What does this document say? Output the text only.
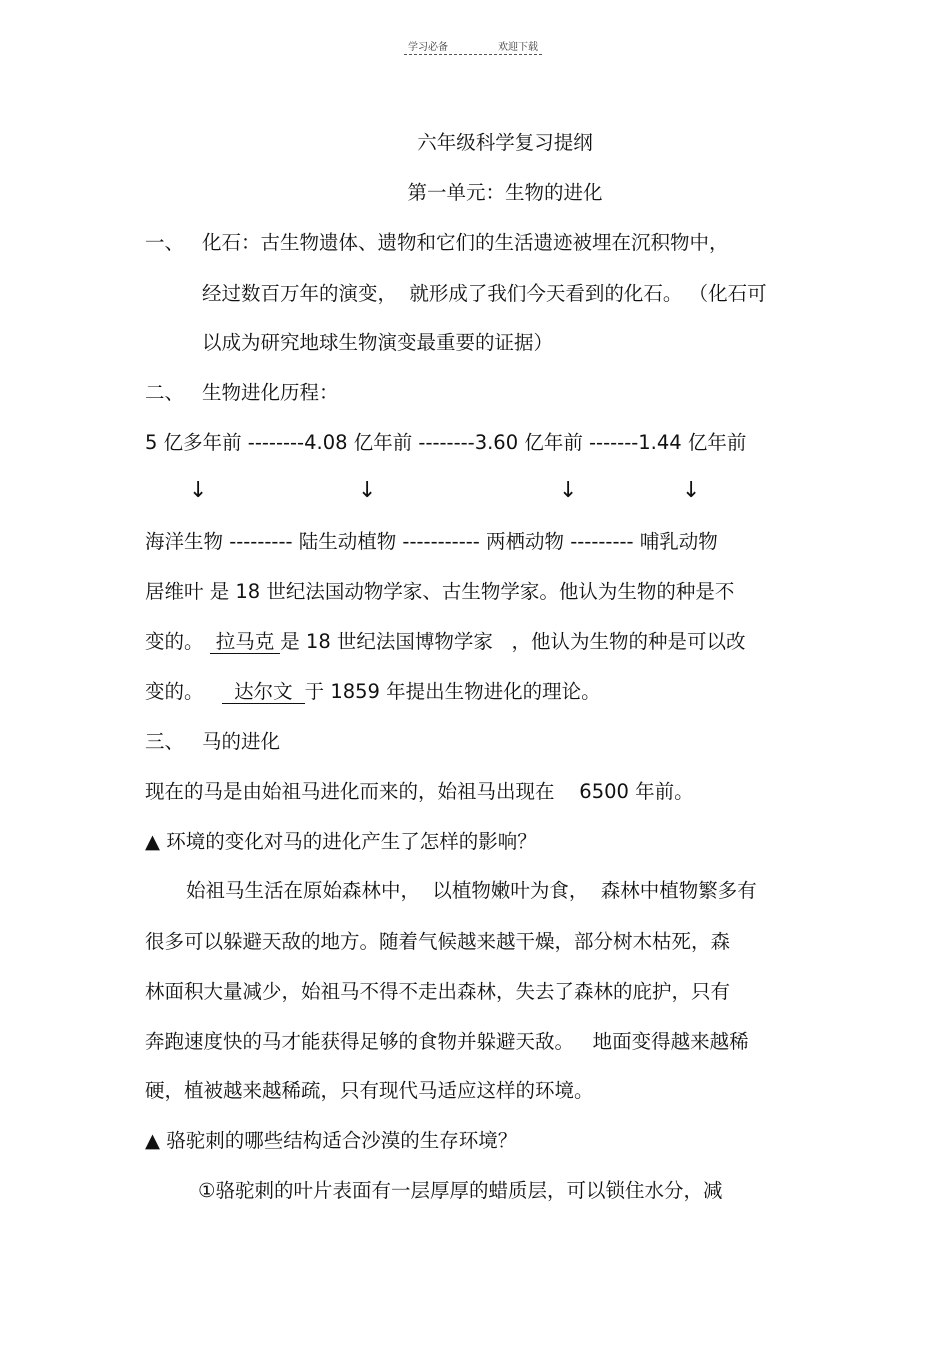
学习必备	欢迎下载
六年级科学复习提纲
第一单元：生物的进化
一、 化石：古生物遗体、遗物和它们的生活遗迹被埋在沉积物中，
经过数百万年的演变，  就形成了我们今天看到的化石。 （化石可
以成为研究地球生物演变最重要的证据）
二、 生物进化历程：
5 亿多年前 --------4.08 亿年前 --------3.60 亿年前 -------1.44 亿年前
↓	↓	↓	↓
海洋生物 --------- 陆生动植物 ----------- 两栖动物 --------- 哺乳动物
居维叶 是 18 世纪法国动物学家、古生物学家。他认为生物的种是不
变的。 拉马克 是 18 世纪法国博物学家   ，他认为生物的种是可以改
变的。   达尔文 于 1859 年提出生物进化的理论。
三、 马的进化
现在的马是由始祖马进化而来的，始祖马出现在    6500 年前。
▲ 环境的变化对马的进化产生了怎样的影响？
始祖马生活在原始森林中，  以植物嫩叶为食，  森林中植物繁多有
很多可以躲避天敌的地方。随着气候越来越干燥，部分树木枯死，森
林面积大量减少，始祖马不得不走出森林，失去了森林的庇护，只有
奔跑速度快的马才能获得足够的食物并躲避天敌。   地面变得越来越稀
硬，植被越来越稀疏，只有现代马适应这样的环境。
▲ 骆驼刺的哪些结构适合沙漠的生存环境？
①骆驼刺的叶片表面有一层厚厚的蜡质层，可以锁住水分，减
